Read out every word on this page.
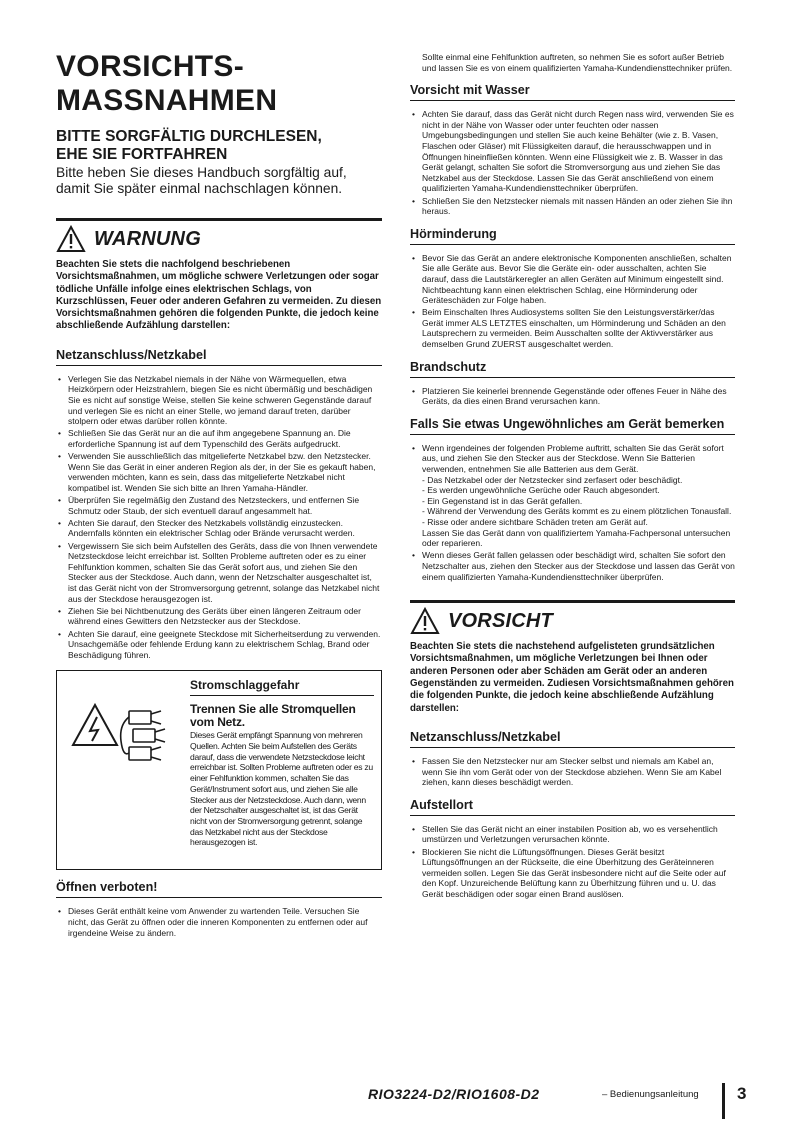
VORSICHTS-
MASSNAHMEN
BITTE SORGFÄLTIG DURCHLESEN,
EHE SIE FORTFAHREN

Bitte heben Sie dieses Handbuch sorgfältig auf, damit Sie später einmal nachschlagen können.

WARNUNG

Beachten Sie stets die nachfolgend beschriebenen Vorsichtsmaßnahmen, um mögliche schwere Verletzungen oder sogar tödliche Unfälle infolge eines elektrischen Schlags, von Kurzschlüssen, Feuer oder anderen Gefahren zu vermeiden. Zu diesen Vorsichtsmaßnahmen gehören die folgenden Punkte, die jedoch keine abschließende Aufzählung darstellen:

Netzanschluss/Netzkabel
• Verlegen Sie das Netzkabel niemals in der Nähe von Wärmequellen, etwa Heizkörpern oder Heizstrahlern, biegen Sie es nicht übermäßig und beschädigen Sie es nicht auf sonstige Weise, stellen Sie keine schweren Gegenstände darauf und verlegen Sie es nicht an einer Stelle, wo jemand darauf treten, darüber stolpern oder etwas darüber rollen könnte.
• Schließen Sie das Gerät nur an die auf ihm angegebene Spannung an. Die erforderliche Spannung ist auf dem Typenschild des Geräts aufgedruckt.
• Verwenden Sie ausschließlich das mitgelieferte Netzkabel bzw. den Netzstecker.
Wenn Sie das Gerät in einer anderen Region als der, in der Sie es gekauft haben, verwenden möchten, kann es sein, dass das mitgelieferte Netzkabel nicht kompatibel ist. Wenden Sie sich bitte an Ihren Yamaha-Händler.
• Überprüfen Sie regelmäßig den Zustand des Netzsteckers, und entfernen Sie Schmutz oder Staub, der sich eventuell darauf angesammelt hat.
• Achten Sie darauf, den Stecker des Netzkabels vollständig einzustecken. Andernfalls könnten ein elektrischer Schlag oder Brände verursacht werden.
• Vergewissern Sie sich beim Aufstellen des Geräts, dass die von Ihnen verwendete Netzsteckdose leicht erreichbar ist. Sollten Probleme auftreten oder es zu einer Fehlfunktion kommen, schalten Sie das Gerät sofort aus, und ziehen Sie den Stecker aus der Steckdose. Auch dann, wenn der Netzschalter ausgeschaltet ist, ist das Gerät nicht von der Stromversorgung getrennt, solange das Netzkabel nicht aus der Steckdose herausgezogen ist.
• Ziehen Sie bei Nichtbenutzung des Geräts über einen längeren Zeitraum oder während eines Gewitters den Netzstecker aus der Steckdose.
• Achten Sie darauf, eine geeignete Steckdose mit Sicherheitserdung zu verwenden. Unsachgemäße oder fehlende Erdung kann zu elektrischem Schlag, Brand oder Beschädigung führen.
Stromschlaggefahr
Trennen Sie alle Stromquellen vom Netz.
Dieses Gerät empfängt Spannung von mehreren Quellen. Achten Sie beim Aufstellen des Geräts darauf, dass die verwendete Netzsteckdose leicht erreichbar ist. Sollten Probleme auftreten oder es zu einer Fehlfunktion kommen, schalten Sie das Gerät/Instrument sofort aus, und ziehen Sie alle Stecker aus der Netzsteckdose. Auch dann, wenn der Netzschalter ausgeschaltet ist, ist das Gerät nicht von der Stromversorgung getrennt, solange das Netzkabel nicht aus der Steckdose herausgezogen ist.
Öffnen verboten!
• Dieses Gerät enthält keine vom Anwender zu wartenden Teile. Versuchen Sie nicht, das Gerät zu öffnen oder die inneren Komponenten zu entfernen oder auf irgendeine Weise zu ändern.

Sollte einmal eine Fehlfunktion auftreten, so nehmen Sie es sofort außer Betrieb und lassen Sie es von einem qualifizierten Yamaha-Kundendiensttechniker prüfen.

Vorsicht mit Wasser
• Achten Sie darauf, dass das Gerät nicht durch Regen nass wird, verwenden Sie es nicht in der Nähe von Wasser oder unter feuchten oder nassen Umgebungsbedingungen und stellen Sie auch keine Behälter (wie z. B. Vasen, Flaschen oder Gläser) mit Flüssigkeiten darauf, die herausschwappen und in Öffnungen hineinfließen könnten. Wenn eine Flüssigkeit wie z. B. Wasser in das Gerät gelangt, schalten Sie sofort die Stromversorgung aus und ziehen Sie das Netzkabel aus der Steckdose. Lassen Sie das Gerät anschließend von einem qualifizierten Yamaha-Kundendiensttechniker überprüfen.
• Schließen Sie den Netzstecker niemals mit nassen Händen an oder ziehen Sie ihn heraus.
Hörminderung
• Bevor Sie das Gerät an andere elektronische Komponenten anschließen, schalten Sie alle Geräte aus. Bevor Sie die Geräte ein- oder ausschalten, achten Sie darauf, dass die Lautstärkeregler an allen Geräten auf Minimum eingestellt sind. Nichtbeachtung kann einen elektrischen Schlag, eine Hörminderung oder Geräteschäden zur Folge haben.
• Beim Einschalten Ihres Audiosystems sollten Sie den Leistungsverstärker/das Gerät immer ALS LETZTES einschalten, um Hörminderung und Schäden an den Lautsprechern zu vermeiden. Beim Ausschalten sollte der Aktivverstärker aus demselben Grund ZUERST ausgeschaltet werden.
Brandschutz
• Platzieren Sie keinerlei brennende Gegenstände oder offenes Feuer in Nähe des Geräts, da dies einen Brand verursachen kann.
Falls Sie etwas Ungewöhnliches am Gerät bemerken
• Wenn irgendeines der folgenden Probleme auftritt, schalten Sie das Gerät sofort aus, und ziehen Sie den Stecker aus der Steckdose. Wenn Sie Batterien verwenden, entnehmen Sie alle Batterien aus dem Gerät.
- Das Netzkabel oder der Netzstecker sind zerfasert oder beschädigt.
- Es werden ungewöhnliche Gerüche oder Rauch abgesondert.
- Ein Gegenstand ist in das Gerät gefallen.
- Während der Verwendung des Geräts kommt es zu einem plötzlichen Tonausfall.
- Risse oder andere sichtbare Schäden treten am Gerät auf.
Lassen Sie das Gerät dann von qualifiziertem Yamaha-Fachpersonal untersuchen oder reparieren.
• Wenn dieses Gerät fallen gelassen oder beschädigt wird, schalten Sie sofort den Netzschalter aus, ziehen den Stecker aus der Steckdose und lassen das Gerät von einem qualifizierten Yamaha-Kundendiensttechniker überprüfen.
VORSICHT

Beachten Sie stets die nachstehend aufgelisteten grundsätzlichen Vorsichtsmaßnahmen, um mögliche Verletzungen bei Ihnen oder anderen Personen oder aber Schäden am Gerät oder an anderen Gegenständen zu vermeiden. Zudiesen Vorsichtsmaßnahmen gehören die folgenden Punkte, die jedoch keine abschließende Aufzählung darstellen:

Netzanschluss/Netzkabel
• Fassen Sie den Netzstecker nur am Stecker selbst und niemals am Kabel an, wenn Sie ihn vom Gerät oder von der Steckdose abziehen. Wenn Sie am Kabel ziehen, kann dieses beschädigt werden.
Aufstellort
• Stellen Sie das Gerät nicht an einer instabilen Position ab, wo es versehentlich umstürzen und Verletzungen verursachen könnte.
• Blockieren Sie nicht die Lüftungsöffnungen. Dieses Gerät besitzt Lüftungsöffnungen an der Rückseite, die eine Überhitzung des Geräteinneren vermeiden sollen. Legen Sie das Gerät insbesondere nicht auf die Seite oder auf den Kopf. Unzureichende Belüftung kann zu Überhitzung führen und u. U. das Gerät beschädigen oder sogar einen Brand auslösen.
RIO3224-D2/RIO1608-D2	– Bedienungsanleitung 3
